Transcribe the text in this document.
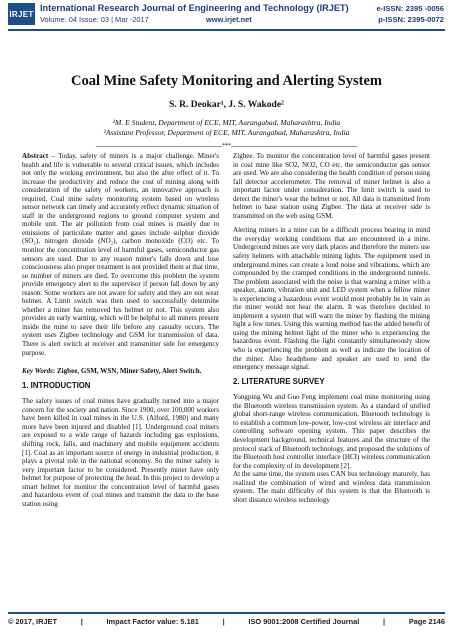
IRJET
International Research Journal of Engineering and Technology (IRJET)
Volume: 04 Issue: 03 | Mar -2017	www.irjet.net
e-ISSN: 2395 -0056
p-ISSN: 2395-0072
Coal Mine Safety Monitoring and Alerting System
S. R. Deokar¹, J. S. Wakode²
¹M. E Student, Department of ECE, MIT, Aurangabad, Maharashtra, India
²Assistant Professor, Department of ECE, MIT, Aurangabad, Maharashtra, India
---------------------------------------------------------------------***---------------------------------------------------------------------

Abstract – Today, safety of miners is a major challenge. Miner's health and life is vulnerable to several critical issues, which includes not only the working environment, but also the after effect of it. To increase the productivity and reduce the cost of mining along with consideration of the safety of workers, an innovative approach is required. Coal mine safety monitoring system based on wireless sensor network can timely and accurately reflect dynamic situation of staff in the underground regions to ground computer system and mobile unit. The air pollution from coal mines is mainly due to emissions of particulate matter and gases include sulphur dioxide (SO₂), nitrogen dioxide (NO₂), carbon monoxide (CO) etc. To monitor the concentration level of harmful gases, semiconductor gas sensors are used. Due to any reason miner's falls down and lose consciousness also proper treatment is not provided them at that time, so number of miners are died. To overcome this problem the system provide emergency alert to the supervisor if person fall down by any reason. Some workers are not aware for safety and they are not wear helmet. A Limit switch was then used to successfully determine whether a miner has removed his helmet or not. This system also provides an early warning, which will be helpful to all miners present inside the mine to save their life before any casualty occurs. The system uses Zigbee technology and GSM for transmission of data. There is alert switch at receiver and transmitter side for emergency purpose.

Key Words: Zigbee, GSM, WSN, Miner Safety, Alert Switch.

1. INTRODUCTION

The safety issues of coal mines have gradually turned into a major concern for the society and nation. Since 1900, over 100,000 workers have been killed in coal mines in the U.S. (Alford, 1980) and many more have been injured and disabled [1]. Underground coal miners are exposed to a wide range of hazards including gas explosions, shifting rock, falls, and machinery and mobile equipment accidents [1]. Coal as an important source of energy in industrial production, it plays a pivotal role in the national economy. So the miner safety is very important factor to be considered. Presently miner have only helmet for purpose of protecting the head. In this project to develop a smart helmet for monitor the concentration level of harmful gases and hazardous event of coal mines and transmit the data to the base station using

Zigbee. To monitor the concentration level of harmful gases present in coal mine like SO2, NO2, CO etc. the semiconductor gas sensor are used. We are also considering the health condition of person using fall detector accelerometer. The removal of miner helmet is also a important factor under consideration. The limit switch is used to detect the miner's wear the helmet or not. All data is transmitted from helmet to base station using Zigbee. The data at receiver side is transmitted on the web using GSM.

Alerting miners in a mine can be a difficult process bearing in mind the everyday working conditions that are encountered in a mine. Underground mines are very dark places and therefore the miners use safety helmets with attachable mining lights. The equipment used in underground mines can create a loud noise and vibrations, which are compounded by the cramped conditions in the underground tunnels. The problem associated with the noise is that warning a miner with a speaker, alarm, vibration unit and LED system when a fellow miner is experiencing a hazardous event would most probably be in vain as the miner would not hear the alarm. It was therefore decided to implement a system that will warn the miner by flashing the mining light a few times. Using this warning method has the added benefit of using the mining helmet light of the miner who is experiencing the hazardous event. Flashing the light constantly simultaneously show who is experiencing the problem as well as indicate the location of the miner. Also headphone and speaker are used to send the emergency message signal.

2. LITERATURE SURVEY

Yongping Wu and Guo Feng implement coal mine monitoring using the Bluetooth wireless transmission system. As a standard of unified global short-range wireless communication, Bluetooth technology is to establish a common low-power, low-cost wireless air interface and controlling software opening system. This paper describes the development background, technical features and the structure of the protocol stack of Bluetooth technology, and proposed the solutions of the Bluetooth host controller interface (HCI) wireless communication for the complexity of its development [2].

At the same time, the system uses CAN bus technology maturely, has realized the combination of wired and wireless data transmission system. The main difficulty of this system is that the Bluetooth is short distance wireless technology

© 2017, IRJET	|	Impact Factor value: 5.181	|	ISO 9001:2008 Certified Journal	|	Page 2146
